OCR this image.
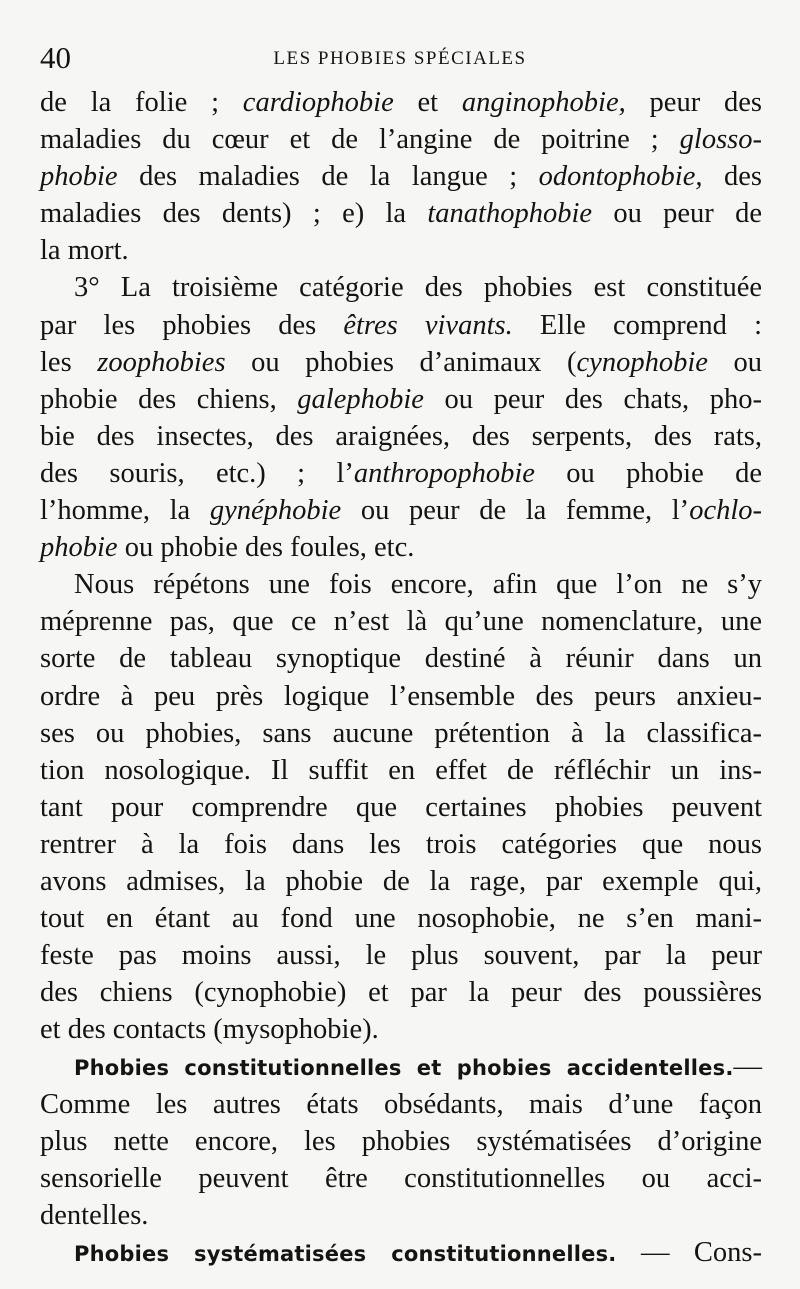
40	LES PHOBIES SPÉCIALES
de la folie ; cardiophobie et anginophobie, peur des
maladies du cœur et de l’angine de poitrine ; glosso-
phobie des maladies de la langue ; odontophobie, des
maladies des dents) ; e) la tanathophobie ou peur de
la mort.
3° La troisième catégorie des phobies est constituée
par les phobies des êtres vivants. Elle comprend :
les zoophobies ou phobies d’animaux (cynophobie ou
phobie des chiens, galephobie ou peur des chats, pho-
bie des insectes, des araignées, des serpents, des rats,
des souris, etc.) ; l’anthropophobie ou phobie de
l’homme, la gynéphobie ou peur de la femme, l’ochlo-
phobie ou phobie des foules, etc.
Nous répétons une fois encore, afin que l’on ne s’y
méprenne pas, que ce n’est là qu’une nomenclature, une
sorte de tableau synoptique destiné à réunir dans un
ordre à peu près logique l’ensemble des peurs anxieu-
ses ou phobies, sans aucune prétention à la classifica-
tion nosologique. Il suffit en effet de réfléchir un ins-
tant pour comprendre que certaines phobies peuvent
rentrer à la fois dans les trois catégories que nous
avons admises, la phobie de la rage, par exemple qui,
tout en étant au fond une nosophobie, ne s’en mani-
feste pas moins aussi, le plus souvent, par la peur
des chiens (cynophobie) et par la peur des poussières
et des contacts (mysophobie).
Phobies constitutionnelles et phobies accidentelles.—
Comme les autres états obsédants, mais d’une façon
plus nette encore, les phobies systématisées d’origine
sensorielle peuvent être constitutionnelles ou acci-
dentelles.
Phobies systématisées constitutionnelles. — Cons-
